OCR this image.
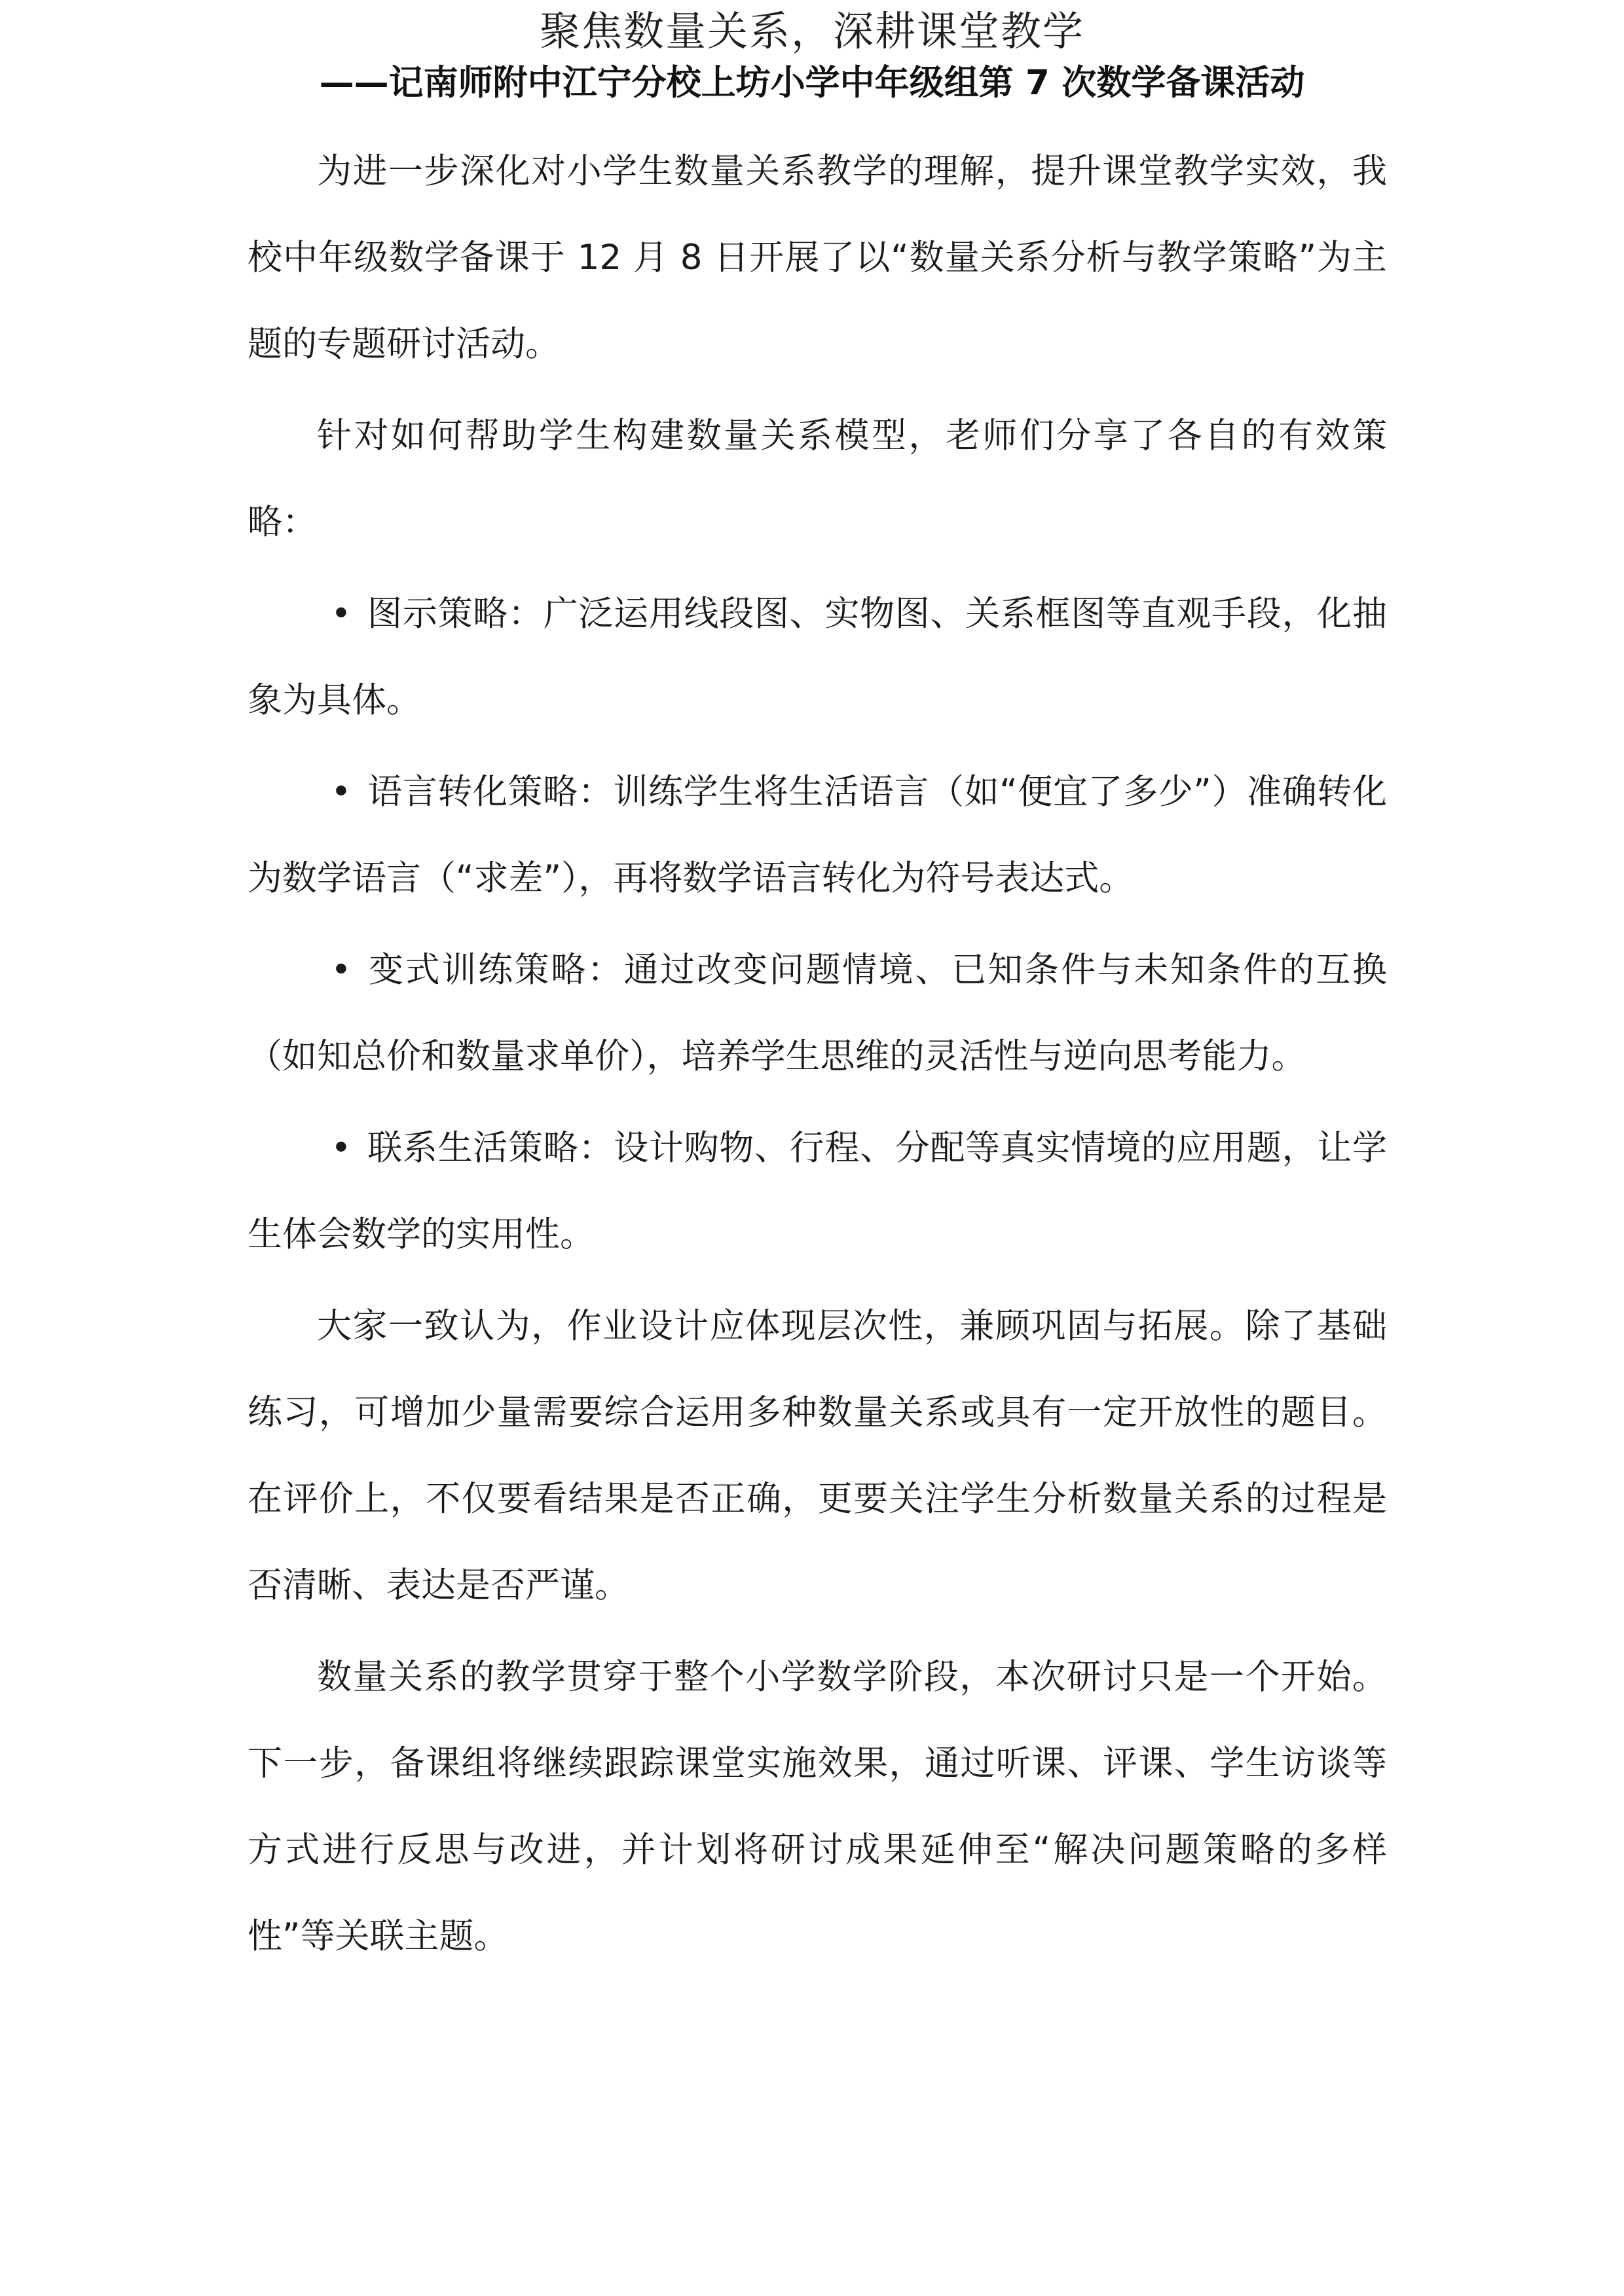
聚焦数量关系，深耕课堂教学
——记南师附中江宁分校上坊小学中年级组第 7 次数学备课活动

为进一步深化对小学生数量关系教学的理解，提升课堂教学实效，我校中年级数学备课于 12 月 8 日开展了以“数量关系分析与教学策略”为主题的专题研讨活动。

针对如何帮助学生构建数量关系模型，老师们分享了各自的有效策略：

• 图示策略：广泛运用线段图、实物图、关系框图等直观手段，化抽象为具体。

• 语言转化策略：训练学生将生活语言（如“便宜了多少”）准确转化为数学语言（“求差”），再将数学语言转化为符号表达式。

• 变式训练策略：通过改变问题情境、已知条件与未知条件的互换（如知总价和数量求单价），培养学生思维的灵活性与逆向思考能力。

• 联系生活策略：设计购物、行程、分配等真实情境的应用题，让学生体会数学的实用性。

大家一致认为，作业设计应体现层次性，兼顾巩固与拓展。除了基础练习，可增加少量需要综合运用多种数量关系或具有一定开放性的题目。在评价上，不仅要看结果是否正确，更要关注学生分析数量关系的过程是否清晰、表达是否严谨。

数量关系的教学贯穿于整个小学数学阶段，本次研讨只是一个开始。下一步，备课组将继续跟踪课堂实施效果，通过听课、评课、学生访谈等方式进行反思与改进，并计划将研讨成果延伸至“解决问题策略的多样性”等关联主题。
